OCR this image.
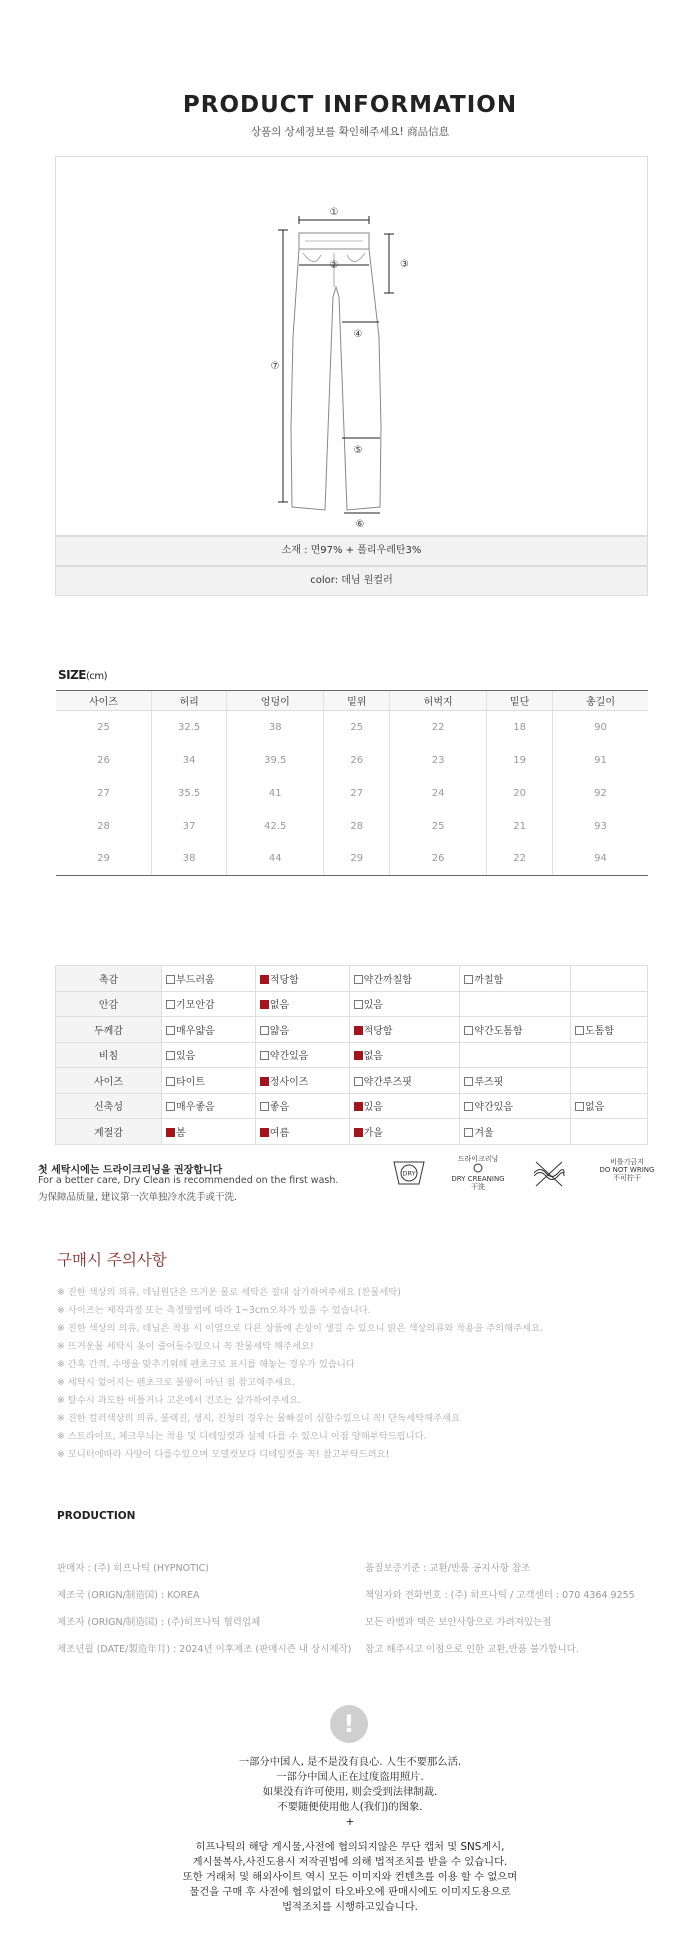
PRODUCT INFORMATION
상품의 상세정보를 확인해주세요! 商品信息
①
②	③
④
⑤
⑥
⑦
소재 : 면97% + 폴리우레탄3%
color: 데님 원컬러
SIZE(cm)
사이즈	허리	엉덩이	밑위	허벅지	밑단	총길이
25	32.5	38	25	22	18	90
26	34	39.5	26	23	19	91
27	35.5	41	27	24	20	92
28	37	42.5	28	25	21	93
29	38	44	29	26	22	94
촉감	부드러움	적당함	약간까칠함	까칠함	
안감	기모안감	없음	있음		
두께감	매우얇음	얇음	적당함	약간도톰함	도톰함
비침	있음	약간있음	없음		
사이즈	타이트	정사이즈	약간루즈핏	루즈핏	
신축성	매우좋음	좋음	있음	약간있음	없음
계절감	봄	여름	가을	겨울	
첫 세탁시에는 드라이크리닝을 권장합니다
For a better care, Dry Clean is recommended on the first wash.
为保障品质量, 建议第一次单独冷水洗手或干洗.
DRY
드라이크리닝
DRY CREANING
干洗
비틀기금지
DO NOT WRING
不可拧干
구매시 주의사항
※ 진한 색상의 의류, 데님원단은 뜨거운 물로 세탁은 절대 삼가하여주세요 (찬물세탁)
※ 사이즈는 제작과정 또는 측정방법에 따라 1~3cm오차가 있을 수 있습니다.
※ 진한 색상의 의류, 데님은 착용 시 이염으로 다른 상품에 손상이 생길 수 있으니 밝은 색상의류와 착용을 주의해주세요.
※ 뜨거운물 세탁시 옷이 줄어들수있으니 꼭 찬물세탁 해주세요!
※ 간혹 간격, 수맹을 맞추기위해 펜초크로 표시를 해놓는 경우가 있습니다
※ 세탁시 없어지는 펜초크로 불량이 아닌 점 참고해주세요.
※ 탈수시 과도한 비틀거나 고온에서 건조는 삼가하여주세요.
※ 진한 컬러색상의 의류, 블랙진, 생지, 진청의 경우는 물빠짐이 심할수있으니 꼭! 단독세탁해주세요
※ 스트라이프, 체크무늬는 착용 및 디테일컷과 실제 다를 수 있으니 이점 양해부탁드립니다.
※ 모니터에따라 사양이 다를수있으며 모델컷보다 디테일컷을 꼭! 참고부탁드려요!
PRODUCTION
판매자 : (주) 히프나틱 (HYPNOTIC)
제조국 (ORIGN/制造国) : KOREA
제조자 (ORIGN/制造国) : (주)히프나틱 협력업체
제조년월 (DATE/製造年月) : 2024년 이후제조 (판매시즌 내 상시제작)
품질보증기준 : 교환/반품 공지사항 참조
책임자와 전화번호 : (주) 히프나틱 / 고객센터 : 070 4364 9255
모든 라벨과 택은 보안사항으로 가려져있는점
참고 해주시고 이점으로 인한 교환,반품 불가합니다.
!
一部分中国人, 是不是没有良心. 人生不要那么活.
一部分中国人正在过度盗用照片.
如果没有许可使用, 则会受到法律制裁.
不要随便使用他人(我们)的图象.
+
히프나틱의 해당 게시물,사전에 협의되지않은 무단 캡처 및 SNS게시,
게시물복사,사진도용시 저작권법에 의해 법적조치를 받을 수 있습니다.
또한 거래처 및 해외사이트 역시 모든 이미지와 컨텐츠를 이용 할 수 없으며
물건을 구매 후 사전에 협의없이 타오바오에 판매시에도 이미지도용으로
법적조치를 시행하고있습니다.
